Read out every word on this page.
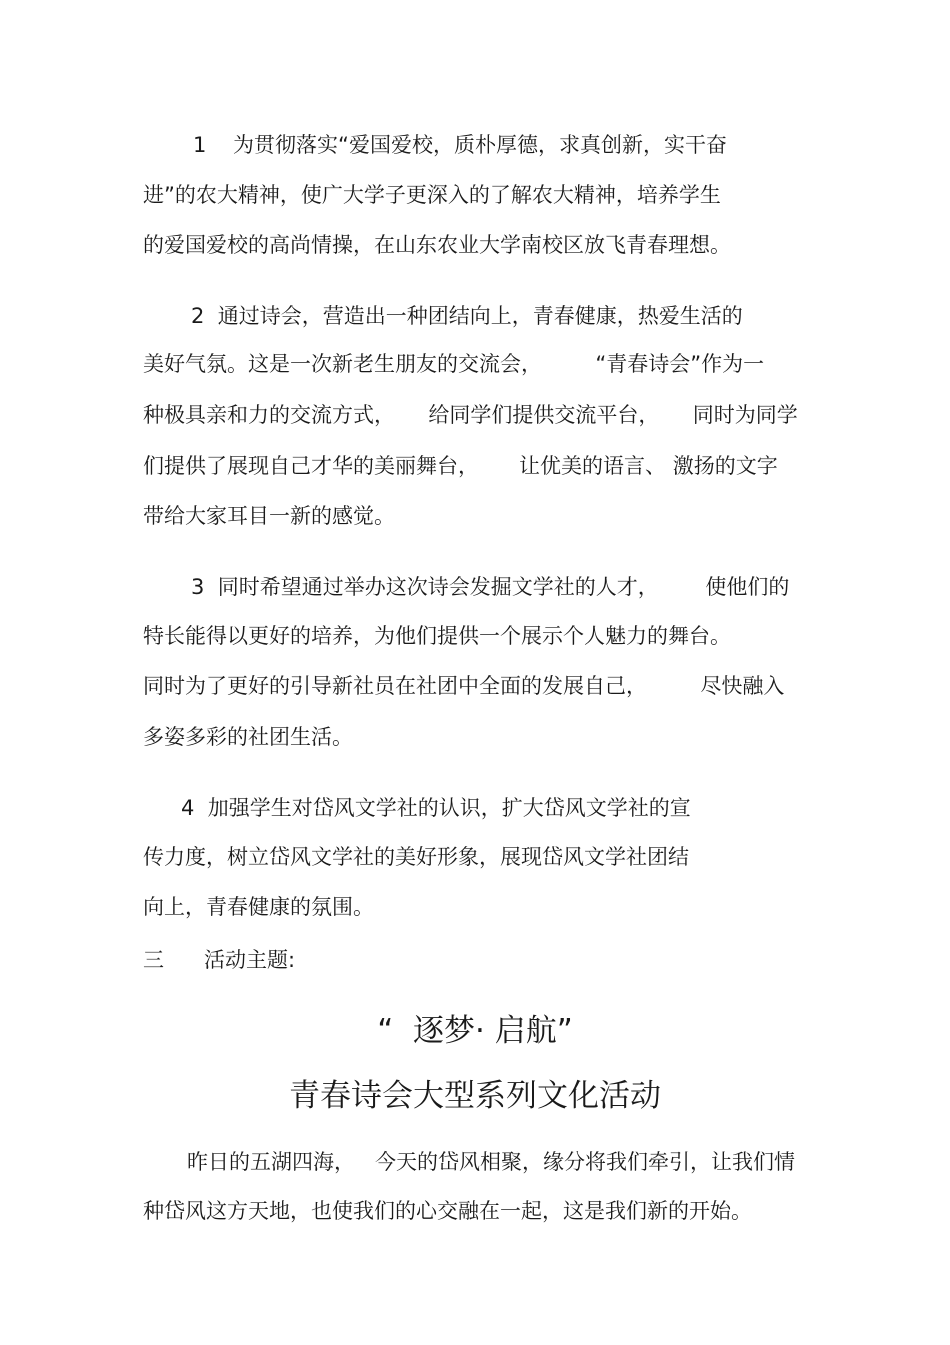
1    为贯彻落实“爱国爱校，质朴厚德，求真创新，实干奋
进”的农大精神，使广大学子更深入的了解农大精神，培养学生
的爱国爱校的高尚情操，在山东农业大学南校区放飞青春理想。
2  通过诗会，营造出一种团结向上，青春健康，热爱生活的
美好气氛。这是一次新老生朋友的交流会，        “青春诗会”作为一
种极具亲和力的交流方式，     给同学们提供交流平台，     同时为同学
们提供了展现自己才华的美丽舞台，      让优美的语言、 激扬的文字
带给大家耳目一新的感觉。
3  同时希望通过举办这次诗会发掘文学社的人才，       使他们的
特长能得以更好的培养，为他们提供一个展示个人魅力的舞台。
同时为了更好的引导新社员在社团中全面的发展自己，        尽快融入
多姿多彩的社团生活。
4  加强学生对岱风文学社的认识，扩大岱风文学社的宣
传力度，树立岱风文学社的美好形象，展现岱风文学社团结
向上，青春健康的氛围。
三      活动主题:
“  逐梦· 启航”
青春诗会大型系列文化活动
昨日的五湖四海，   今天的岱风相聚，缘分将我们牵引，让我们情
种岱风这方天地，也使我们的心交融在一起，这是我们新的开始。
